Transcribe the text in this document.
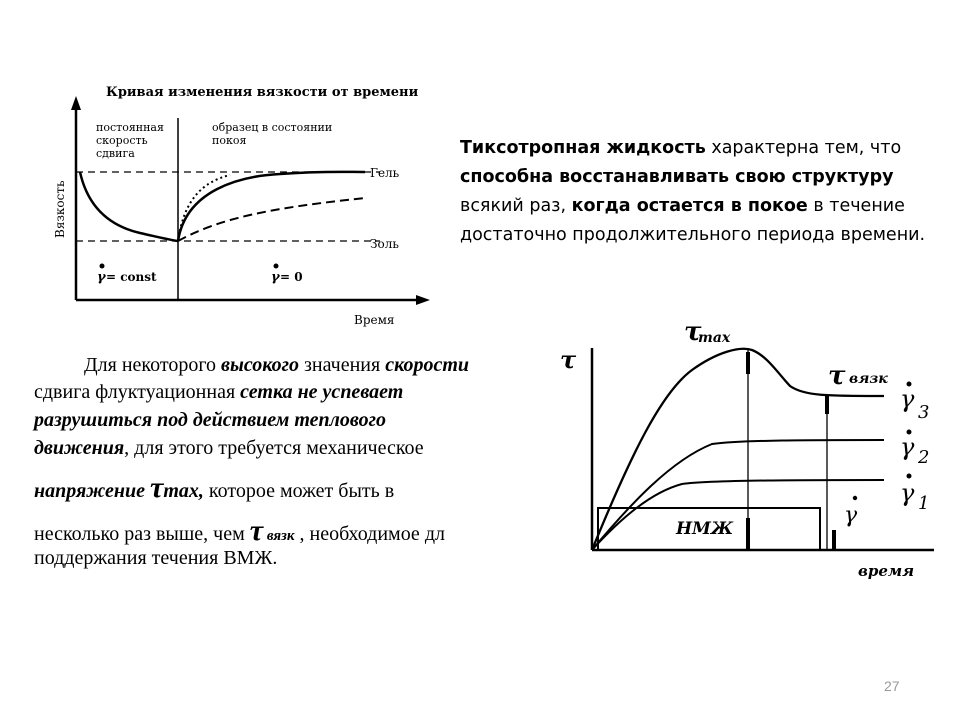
Кривая изменения вязкости от времени
постоянная
скорость
сдвига
образец в состоянии
покоя
Гель
Золь
γ = const	γ = 0
Вязкость
Время
Тиксотропная жидкость характерна тем, что способна восстанавливать свою структуру всякий раз, когда остается в покое в течение достаточно продолжительного периода времени.
Для некоторого высокого значения скорости
сдвига флуктуационная сетка не успевает
разрушиться под действием теплового
движения, для этого требуется механическое
напряжение τmax, которое может быть в
несколько раз выше, чем τ вязк , необходимое дл
поддержания течения ВМЖ.
τ
τ
max
НМЖ
τ вязк
γ 3
γ 2
γ 1
γ
время
27
